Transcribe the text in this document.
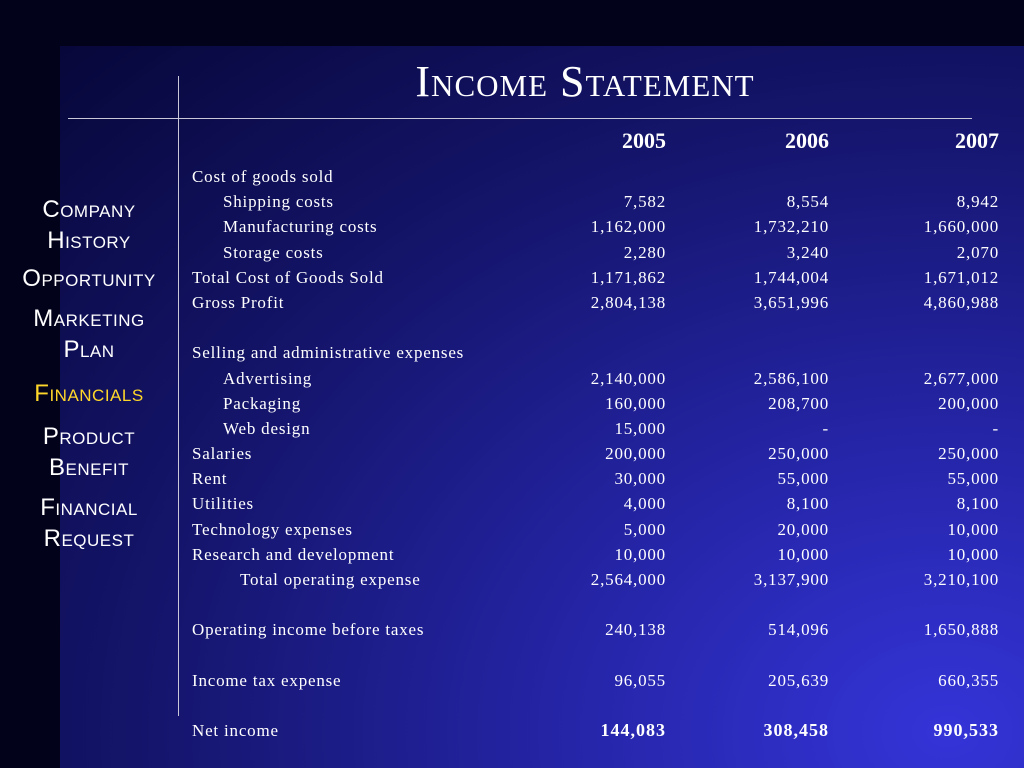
Income Statement
Company
History
Opportunity
Marketing
Plan
Financials
Product
Benefit
Financial
Request
2005	2006	2007
Cost of goods sold
Shipping costs	7,582	8,554	8,942
Manufacturing costs	1,162,000	1,732,210	1,660,000
Storage costs	2,280	3,240	2,070
Total Cost of Goods Sold	1,171,862	1,744,004	1,671,012
Gross Profit	2,804,138	3,651,996	4,860,988
Selling and administrative expenses
Advertising	2,140,000	2,586,100	2,677,000
Packaging	160,000	208,700	200,000
Web design	15,000	-	-
Salaries	200,000	250,000	250,000
Rent	30,000	55,000	55,000
Utilities	4,000	8,100	8,100
Technology expenses	5,000	20,000	10,000
Research and development	10,000	10,000	10,000
Total operating expense	2,564,000	3,137,900	3,210,100
Operating income before taxes	240,138	514,096	1,650,888
Income tax expense	96,055	205,639	660,355
Net income	144,083	308,458	990,533
